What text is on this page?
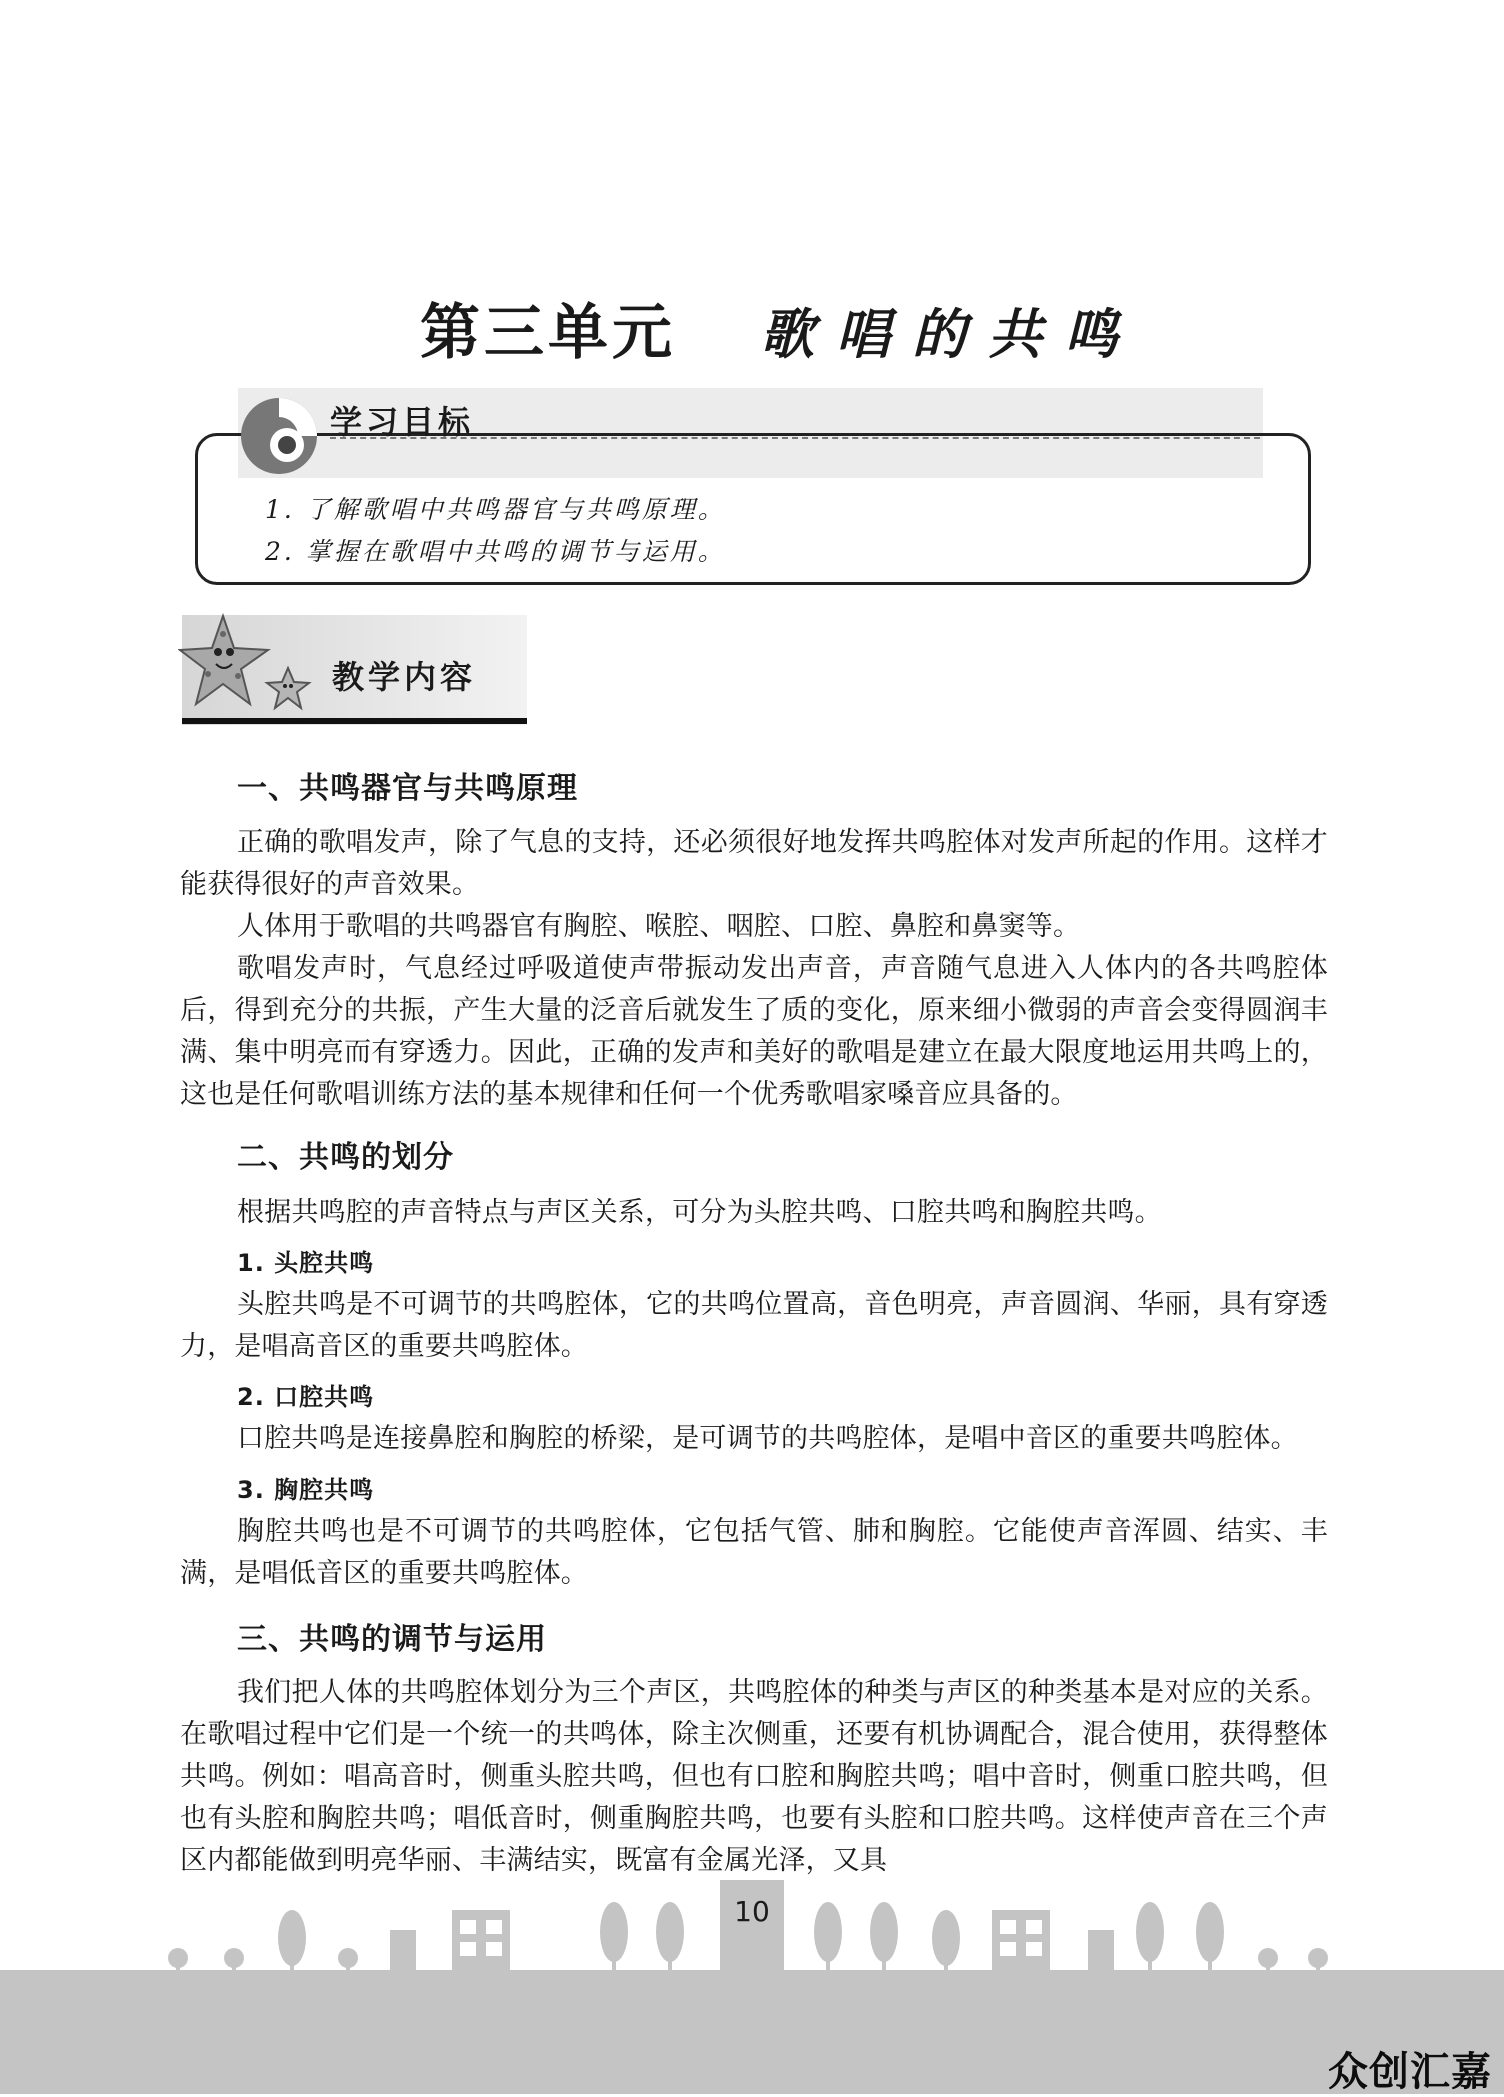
第三单元 歌唱的共鸣
学习目标
1. 了解歌唱中共鸣器官与共鸣原理。
2. 掌握在歌唱中共鸣的调节与运用。
教学内容
一、共鸣器官与共鸣原理
正确的歌唱发声，除了气息的支持，还必须很好地发挥共鸣腔体对发声所起的作用。这样才能获得很好的声音效果。
人体用于歌唱的共鸣器官有胸腔、喉腔、咽腔、口腔、鼻腔和鼻窦等。
歌唱发声时，气息经过呼吸道使声带振动发出声音，声音随气息进入人体内的各共鸣腔体后，得到充分的共振，产生大量的泛音后就发生了质的变化，原来细小微弱的声音会变得圆润丰满、集中明亮而有穿透力。因此，正确的发声和美好的歌唱是建立在最大限度地运用共鸣上的，这也是任何歌唱训练方法的基本规律和任何一个优秀歌唱家嗓音应具备的。
二、共鸣的划分
根据共鸣腔的声音特点与声区关系，可分为头腔共鸣、口腔共鸣和胸腔共鸣。
1. 头腔共鸣
头腔共鸣是不可调节的共鸣腔体，它的共鸣位置高，音色明亮，声音圆润、华丽，具有穿透力，是唱高音区的重要共鸣腔体。
2. 口腔共鸣
口腔共鸣是连接鼻腔和胸腔的桥梁，是可调节的共鸣腔体，是唱中音区的重要共鸣腔体。
3. 胸腔共鸣
胸腔共鸣也是不可调节的共鸣腔体，它包括气管、肺和胸腔。它能使声音浑圆、结实、丰满，是唱低音区的重要共鸣腔体。
三、共鸣的调节与运用
我们把人体的共鸣腔体划分为三个声区，共鸣腔体的种类与声区的种类基本是对应的关系。在歌唱过程中它们是一个统一的共鸣体，除主次侧重，还要有机协调配合，混合使用，获得整体共鸣。例如：唱高音时，侧重头腔共鸣，但也有口腔和胸腔共鸣；唱中音时，侧重口腔共鸣，但也有头腔和胸腔共鸣；唱低音时，侧重胸腔共鸣，也要有头腔和口腔共鸣。这样使声音在三个声区内都能做到明亮华丽、丰满结实，既富有金属光泽，又具
10
众创汇嘉
